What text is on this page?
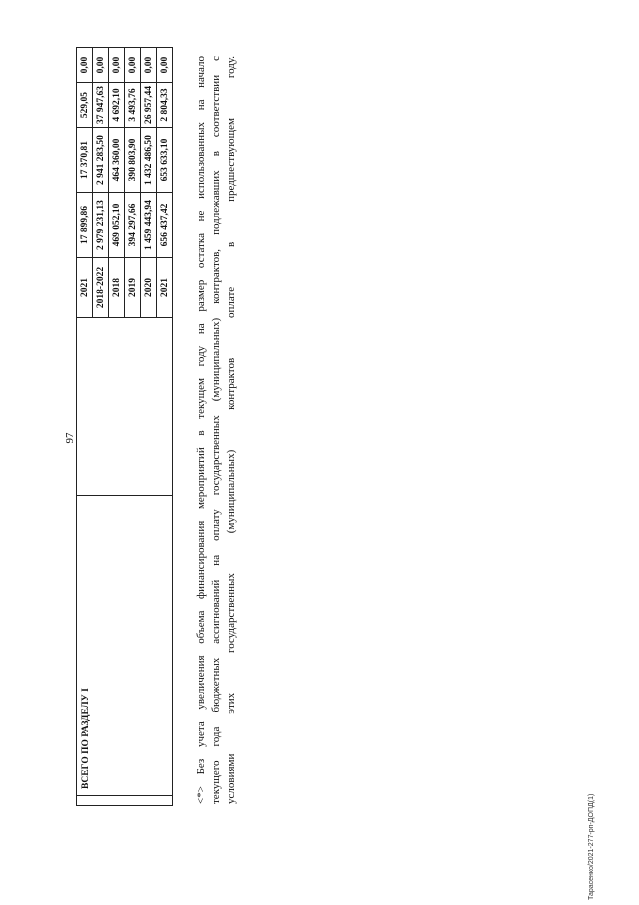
97
	ВСЕГО ПО РАЗДЕЛУ I		2021	17 899,86	17 370,81	529,05	0,00
			2018-2022	2 979 231,13	2 941 283,50	37 947,63	0,00
			2018	469 052,10	464 360,00	4 692,10	0,00
			2019	394 297,66	390 803,90	3 493,76	0,00
			2020	1 459 443,94	1 432 486,50	26 957,44	0,00
			2021	656 437,42	653 633,10	2 804,33	0,00 <*> Без учета увеличения объема финансирования мероприятий в текущем году на размер остатка не использованных на начало текущего года бюджетных ассигнований на оплату государственных (муниципальных) контрактов, подлежавших в соответствии с условиями этих государственных (муниципальных) контрактов оплате в предшествующем году.
Тарасенко/2021-277-рп-ДОПД(1)
